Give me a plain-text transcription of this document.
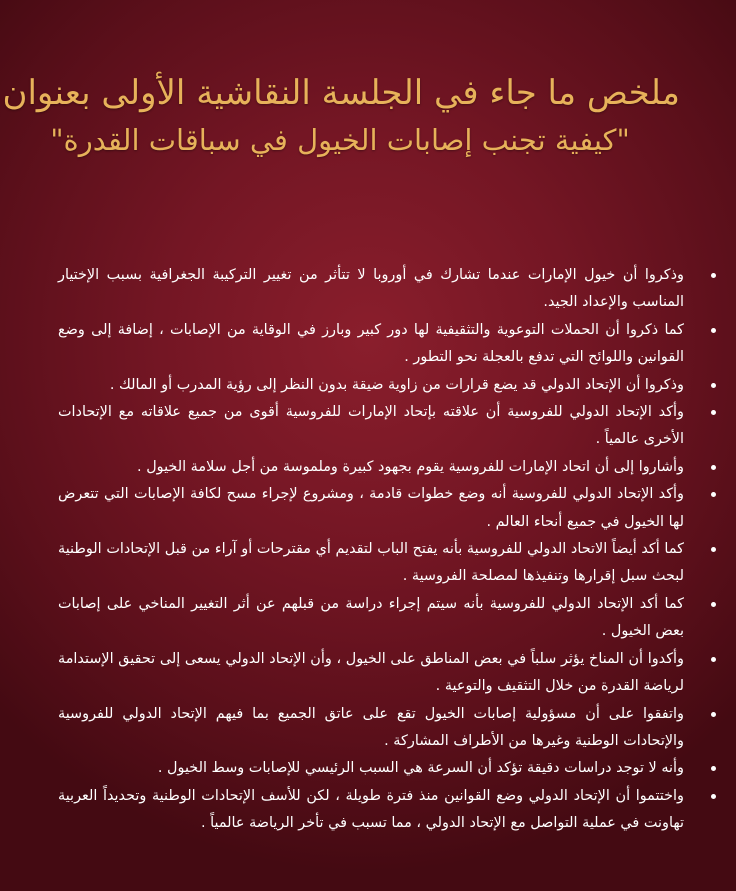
ملخص ما جاء في الجلسة النقاشية الأولى بعنوان
"كيفية تجنب إصابات الخيول في سباقات القدرة"
وذكروا أن خيول الإمارات عندما تشارك في أوروبا لا تتأثر من تغيير التركيبة الجغرافية بسبب الإختيار المناسب والإعداد الجيد.
كما ذكروا أن الحملات التوعوية والتثقيفية لها دور كبير وبارز في الوقاية من الإصابات ، إضافة إلى وضع القوانين واللوائح التي تدفع بالعجلة نحو التطور .
وذكروا أن الإتحاد الدولي قد يضع قرارات من زاوية ضيقة بدون النظر إلى رؤية المدرب أو المالك .
وأكد الإتحاد الدولي للفروسية أن علاقته بإتحاد الإمارات للفروسية أقوى من جميع علاقاته مع الإتحادات الأخرى عالمياً .
وأشاروا إلى أن اتحاد الإمارات للفروسية يقوم بجهود كبيرة وملموسة من أجل سلامة الخيول .
وأكد الإتحاد الدولي للفروسية أنه وضع خطوات قادمة ، ومشروع لإجراء مسح لكافة الإصابات التي تتعرض لها الخيول في جميع أنحاء العالم .
كما أكد أيضاً الاتحاد الدولي للفروسية بأنه يفتح الباب لتقديم أي مقترحات أو آراء من قبل الإتحادات الوطنية لبحث سبل إقرارها وتنفيذها لمصلحة الفروسية .
كما أكد الإتحاد الدولي للفروسية بأنه سيتم إجراء دراسة من قبلهم عن أثر التغيير المناخي على إصابات بعض الخيول .
وأكدوا أن المناخ يؤثر سلباً في بعض المناطق على الخيول ، وأن الإتحاد الدولي يسعى إلى تحقيق الإستدامة لرياضة القدرة من خلال التثقيف والتوعية .
واتفقوا على أن مسؤولية إصابات الخيول تقع على عاتق الجميع بما فيهم الإتحاد الدولي للفروسية والإتحادات الوطنية وغيرها من الأطراف المشاركة .
وأنه لا توجد دراسات دقيقة تؤكد أن السرعة هي السبب الرئيسي للإصابات وسط الخيول .
واختتموا أن الإتحاد الدولي وضع القوانين منذ فترة طويلة ، لكن للأسف الإتحادات الوطنية وتحديداً العربية تهاونت في عملية التواصل مع الإتحاد الدولي ، مما تسبب في تأخر الرياضة عالمياً .
